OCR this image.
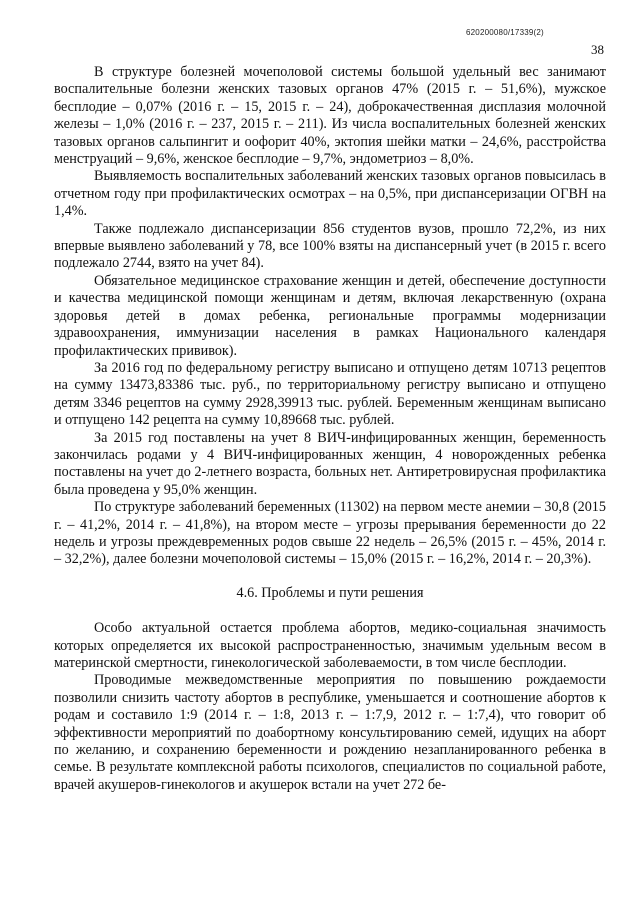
620200080/17339(2)
38

В структуре болезней мочеполовой системы большой удельный вес занимают воспалительные болезни женских тазовых органов 47% (2015 г. – 51,6%), мужское бесплодие – 0,07% (2016 г. – 15, 2015 г. – 24), доброкачественная дисплазия молочной железы – 1,0% (2016 г. – 237, 2015 г. – 211). Из числа воспалительных болезней женских тазовых органов сальпингит и оофорит 40%, эктопия шейки матки – 24,6%, расстройства менструаций – 9,6%, женское бесплодие – 9,7%, эндометриоз – 8,0%.

Выявляемость воспалительных заболеваний женских тазовых органов повысилась в отчетном году при профилактических осмотрах – на 0,5%, при диспансеризации ОГВН на 1,4%.

Также подлежало диспансеризации 856 студентов вузов, прошло 72,2%, из них впервые выявлено заболеваний у 78, все 100% взяты на диспансерный учет (в 2015 г. всего подлежало 2744, взято на учет 84).

Обязательное медицинское страхование женщин и детей, обеспечение доступности и качества медицинской помощи женщинам и детям, включая лекарственную (охрана здоровья детей в домах ребенка, региональные программы модернизации здравоохранения, иммунизации населения в рамках Национального календаря профилактических прививок).

За 2016 год по федеральному регистру выписано и отпущено детям 10713 рецептов на сумму 13473,83386 тыс. руб., по территориальному регистру выписано и отпущено детям 3346 рецептов на сумму 2928,39913 тыс. рублей. Беременным женщинам выписано и отпущено 142 рецепта на сумму 10,89668 тыс. рублей.

За 2015 год поставлены на учет 8 ВИЧ-инфицированных женщин, беременность закончилась родами у 4 ВИЧ-инфицированных женщин, 4 новорожденных ребенка поставлены на учет до 2-летнего возраста, больных нет. Антиретровирусная профилактика была проведена у 95,0% женщин.

По структуре заболеваний беременных (11302) на первом месте анемии – 30,8 (2015 г. – 41,2%, 2014 г. – 41,8%), на втором месте – угрозы прерывания беременности до 22 недель и угрозы преждевременных родов свыше 22 недель – 26,5% (2015 г. – 45%, 2014 г. – 32,2%), далее болезни мочеполовой системы – 15,0% (2015 г. – 16,2%, 2014 г. – 20,3%).

4.6. Проблемы и пути решения

Особо актуальной остается проблема абортов, медико-социальная значимость которых определяется их высокой распространенностью, значимым удельным весом в материнской смертности, гинекологической заболеваемости, в том числе бесплодии.

Проводимые межведомственные мероприятия по повышению рождаемости позволили снизить частоту абортов в республике, уменьшается и соотношение абортов к родам и составило 1:9 (2014 г. – 1:8, 2013 г. – 1:7,9, 2012 г. – 1:7,4), что говорит об эффективности мероприятий по доабортному консультированию семей, идущих на аборт по желанию, и сохранению беременности и рождению незапланированного ребенка в семье. В результате комплексной работы психологов, специалистов по социальной работе, врачей акушеров-гинекологов и акушерок встали на учет 272 бе-
